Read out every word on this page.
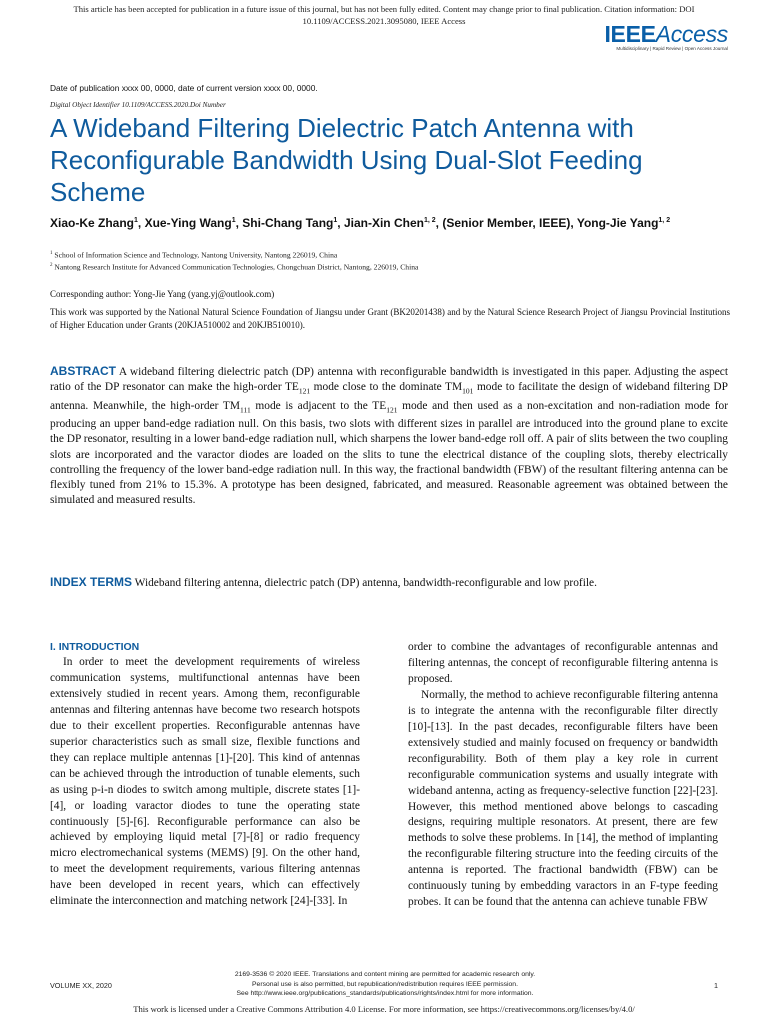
This article has been accepted for publication in a future issue of this journal, but has not been fully edited. Content may change prior to final publication. Citation information: DOI
10.1109/ACCESS.2021.3095080, IEEE Access	IEEEAccess
Multidisciplinary | Rapid Review | Open Access Journal
Date of publication xxxx 00, 0000, date of current version xxxx 00, 0000.
Digital Object Identifier 10.1109/ACCESS.2020.Doi Number
A Wideband Filtering Dielectric Patch Antenna with Reconfigurable Bandwidth Using Dual-Slot Feeding Scheme
Xiao-Ke Zhang$^1$, Xue-Ying Wang$^1$, Shi-Chang Tang$^1$, Jian-Xin Chen$^{1, 2}$, (Senior Member, IEEE), Yong-Jie Yang$^{1, 2}$
$^1$ School of Information Science and Technology, Nantong University, Nantong 226019, China
$^2$ Nantong Research Institute for Advanced Communication Technologies, Chongchuan District, Nantong, 226019, China
Corresponding author: Yong-Jie Yang (yang.yj@outlook.com)
This work was supported by the National Natural Science Foundation of Jiangsu under Grant (BK20201438) and by the Natural Science Research Project of Jiangsu Provincial Institutions of Higher Education under Grants (20KJA510002 and 20KJB510010).
ABSTRACT A wideband filtering dielectric patch (DP) antenna with reconfigurable bandwidth is investigated in this paper. Adjusting the aspect ratio of the DP resonator can make the high-order $TE_{121}$ mode close to the dominate $TM_{101}$ mode to facilitate the design of wideband filtering DP antenna. Meanwhile, the high-order $TM_{111}$ mode is adjacent to the $TE_{121}$ mode and then used as a non-excitation and non-radiation mode for producing an upper band-edge radiation null. On this basis, two slots with different sizes in parallel are introduced into the ground plane to excite the DP resonator, resulting in a lower band-edge radiation null, which sharpens the lower band-edge roll off. A pair of slits between the two coupling slots are incorporated and the varactor diodes are loaded on the slits to tune the electrical distance of the coupling slots, thereby electrically controlling the frequency of the lower band-edge radiation null. In this way, the fractional bandwidth (FBW) of the resultant filtering antenna can be flexibly tuned from 21% to 15.3%. A prototype has been designed, fabricated, and measured. Reasonable agreement was obtained between the simulated and measured results.
INDEX TERMS Wideband filtering antenna, dielectric patch (DP) antenna, bandwidth-reconfigurable and low profile.
I. INTRODUCTION
In order to meet the development requirements of wireless communication systems, multifunctional antennas have been extensively studied in recent years. Among them, reconfigurable antennas and filtering antennas have become two research hotspots due to their excellent properties. Reconfigurable antennas have superior characteristics such as small size, flexible functions and they can replace multiple antennas [1]-[20]. This kind of antennas can be achieved through the introduction of tunable elements, such as using p-i-n diodes to switch among multiple, discrete states [1]-[4], or loading varactor diodes to tune the operating state continuously [5]-[6]. Reconfigurable performance can also be achieved by employing liquid metal [7]-[8] or radio frequency micro electromechanical systems (MEMS) [9]. On the other hand, to meet the development requirements, various filtering antennas have been developed in recent years, which can effectively eliminate the interconnection and matching network [24]-[33]. In
order to combine the advantages of reconfigurable antennas and filtering antennas, the concept of reconfigurable filtering antenna is proposed.
Normally, the method to achieve reconfigurable filtering antenna is to integrate the antenna with the reconfigurable filter directly [10]-[13]. In the past decades, reconfigurable filters have been extensively studied and mainly focused on frequency or bandwidth reconfigurability. Both of them play a key role in current reconfigurable communication systems and usually integrate with wideband antenna, acting as frequency-selective function [22]-[23]. However, this method mentioned above belongs to cascading designs, requiring multiple resonators. At present, there are few methods to solve these problems. In [14], the method of implanting the reconfigurable filtering structure into the feeding circuits of the antenna is reported. The fractional bandwidth (FBW) can be continuously tuning by embedding varactors in an F-type feeding probes. It can be found that the antenna can achieve tunable FBW
VOLUME XX, 2020
2169-3536 © 2020 IEEE. Translations and content mining are permitted for academic research only.
Personal use is also permitted, but republication/redistribution requires IEEE permission.
See http://www.ieee.org/publications_standards/publications/rights/index.html for more information.
1
This work is licensed under a Creative Commons Attribution 4.0 License. For more information, see https://creativecommons.org/licenses/by/4.0/
